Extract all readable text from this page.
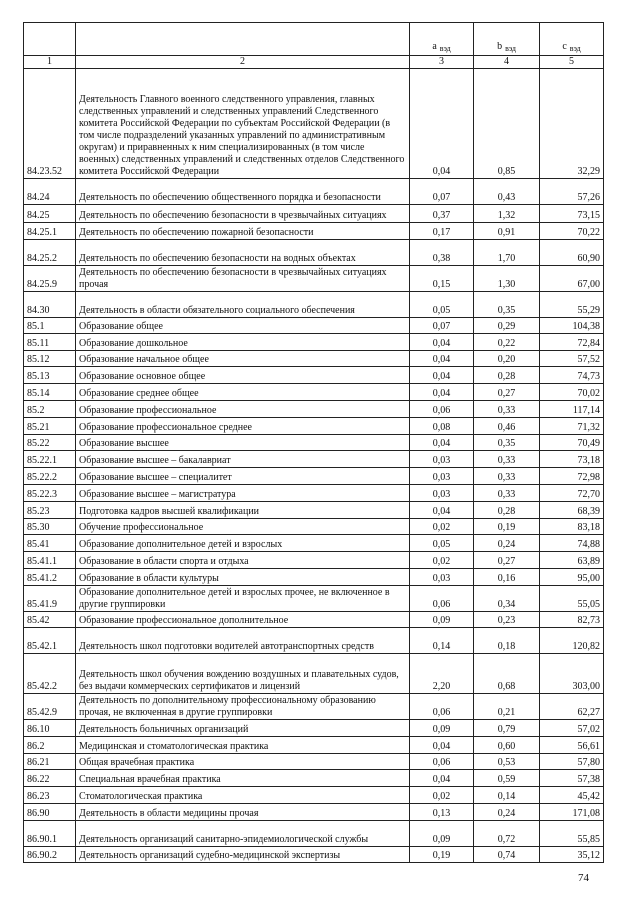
		a $_{вэд}$	b $_{вэд}$	c $_{вэд}$
1	2	3	4	5
84.23.52	Деятельность Главного военного следственного управления, главных следственных управлений и следственных управлений Следственного комитета Российской Федерации по субъектам Российской Федерации (в том числе подразделений указанных управлений по административным округам) и приравненных к ним специализированных (в том числе военных) следственных управлений и следственных отделов Следственного комитета Российской Федерации	0,04	0,85	32,29
84.24	Деятельность по обеспечению общественного порядка и безопасности	0,07	0,43	57,26
84.25	Деятельность по обеспечению безопасности в чрезвычайных ситуациях	0,37	1,32	73,15
84.25.1	Деятельность по обеспечению пожарной безопасности	0,17	0,91	70,22
84.25.2	Деятельность по обеспечению безопасности на водных объектах	0,38	1,70	60,90
84.25.9	Деятельность по обеспечению безопасности в чрезвычайных ситуациях прочая	0,15	1,30	67,00
84.30	Деятельность в области обязательного социального обеспечения	0,05	0,35	55,29
85.1	Образование общее	0,07	0,29	104,38
85.11	Образование дошкольное	0,04	0,22	72,84
85.12	Образование начальное общее	0,04	0,20	57,52
85.13	Образование основное общее	0,04	0,28	74,73
85.14	Образование среднее общее	0,04	0,27	70,02
85.2	Образование профессиональное	0,06	0,33	117,14
85.21	Образование профессиональное среднее	0,08	0,46	71,32
85.22	Образование высшее	0,04	0,35	70,49
85.22.1	Образование высшее – бакалавриат	0,03	0,33	73,18
85.22.2	Образование высшее – специалитет	0,03	0,33	72,98
85.22.3	Образование высшее – магистратура	0,03	0,33	72,70
85.23	Подготовка кадров высшей квалификации	0,04	0,28	68,39
85.30	Обучение профессиональное	0,02	0,19	83,18
85.41	Образование дополнительное детей и взрослых	0,05	0,24	74,88
85.41.1	Образование в области спорта и отдыха	0,02	0,27	63,89
85.41.2	Образование в области культуры	0,03	0,16	95,00
85.41.9	Образование дополнительное детей и взрослых прочее, не включенное в другие группировки	0,06	0,34	55,05
85.42	Образование профессиональное дополнительное	0,09	0,23	82,73
85.42.1	Деятельность школ подготовки водителей автотранспортных средств	0,14	0,18	120,82
85.42.2	Деятельность школ обучения вождению воздушных и плавательных судов, без выдачи коммерческих сертификатов и лицензий	2,20	0,68	303,00
85.42.9	Деятельность по дополнительному профессиональному образованию прочая, не включенная в другие группировки	0,06	0,21	62,27
86.10	Деятельность больничных организаций	0,09	0,79	57,02
86.2	Медицинская и стоматологическая практика	0,04	0,60	56,61
86.21	Общая врачебная практика	0,06	0,53	57,80
86.22	Специальная врачебная практика	0,04	0,59	57,38
86.23	Стоматологическая практика	0,02	0,14	45,42
86.90	Деятельность в области медицины прочая	0,13	0,24	171,08
86.90.1	Деятельность организаций санитарно-эпидемиологической службы	0,09	0,72	55,85
86.90.2	Деятельность организаций судебно-медицинской экспертизы	0,19	0,74	35,12
74
